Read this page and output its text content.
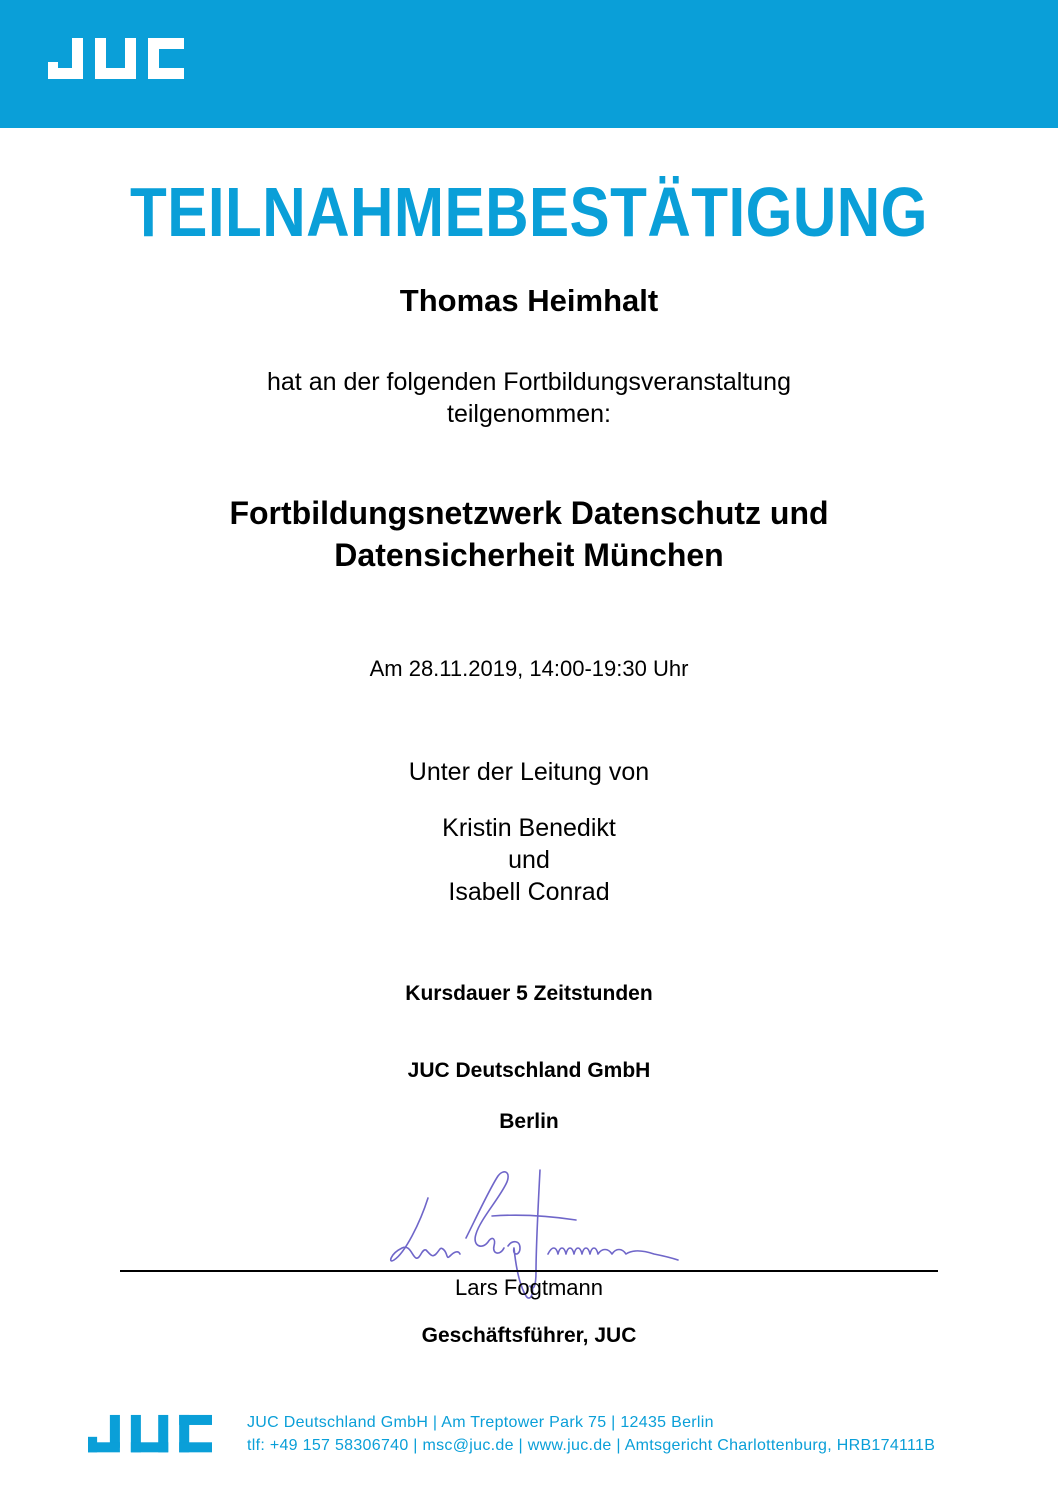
TEILNAHMEBESTÄTIGUNG
Thomas Heimhalt
hat an der folgenden Fortbildungsveranstaltung
teilgenommen:
Fortbildungsnetzwerk Datenschutz und
Datensicherheit München
Am 28.11.2019, 14:00-19:30 Uhr
Unter der Leitung von
Kristin Benedikt
und
Isabell Conrad
Kursdauer 5 Zeitstunden
JUC Deutschland GmbH
Berlin
Lars Fogtmann
Geschäftsführer, JUC
JUC Deutschland GmbH | Am Treptower Park 75 | 12435 Berlin
tlf: +49 157 58306740 | msc@juc.de | www.juc.de | Amtsgericht Charlottenburg, HRB174111B
